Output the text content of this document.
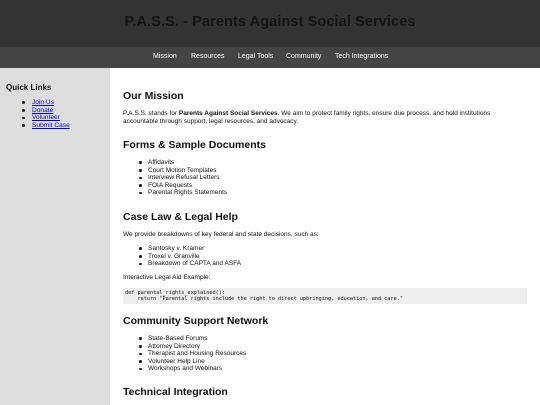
P.A.S.S. - Parents Against Social Services
Mission Resources Legal Tools Community Tech Integrations
Quick Links
Join Us
Donate
Volunteer
Submit Case
Our Mission
P.A.S.S. stands for Parents Against Social Services. We aim to protect family rights, ensure due process, and hold institutions accountable through support, legal resources, and advocacy.
Forms & Sample Documents
Affidavits
Court Motion Templates
Interview Refusal Letters
FOIA Requests
Parental Rights Statements
Case Law & Legal Help
We provide breakdowns of key federal and state decisions, such as:
Santosky v. Kramer
Troxel v. Granville
Breakdown of CAPTA and ASFA
Interactive Legal Aid Example:
def parental_rights_explained():
return "Parental rights include the right to direct upbringing, education, and care."
Community Support Network
State-Based Forums
Attorney Directory
Therapist and Housing Resources
Volunteer Help Line
Workshops and Webinars
Technical Integration
